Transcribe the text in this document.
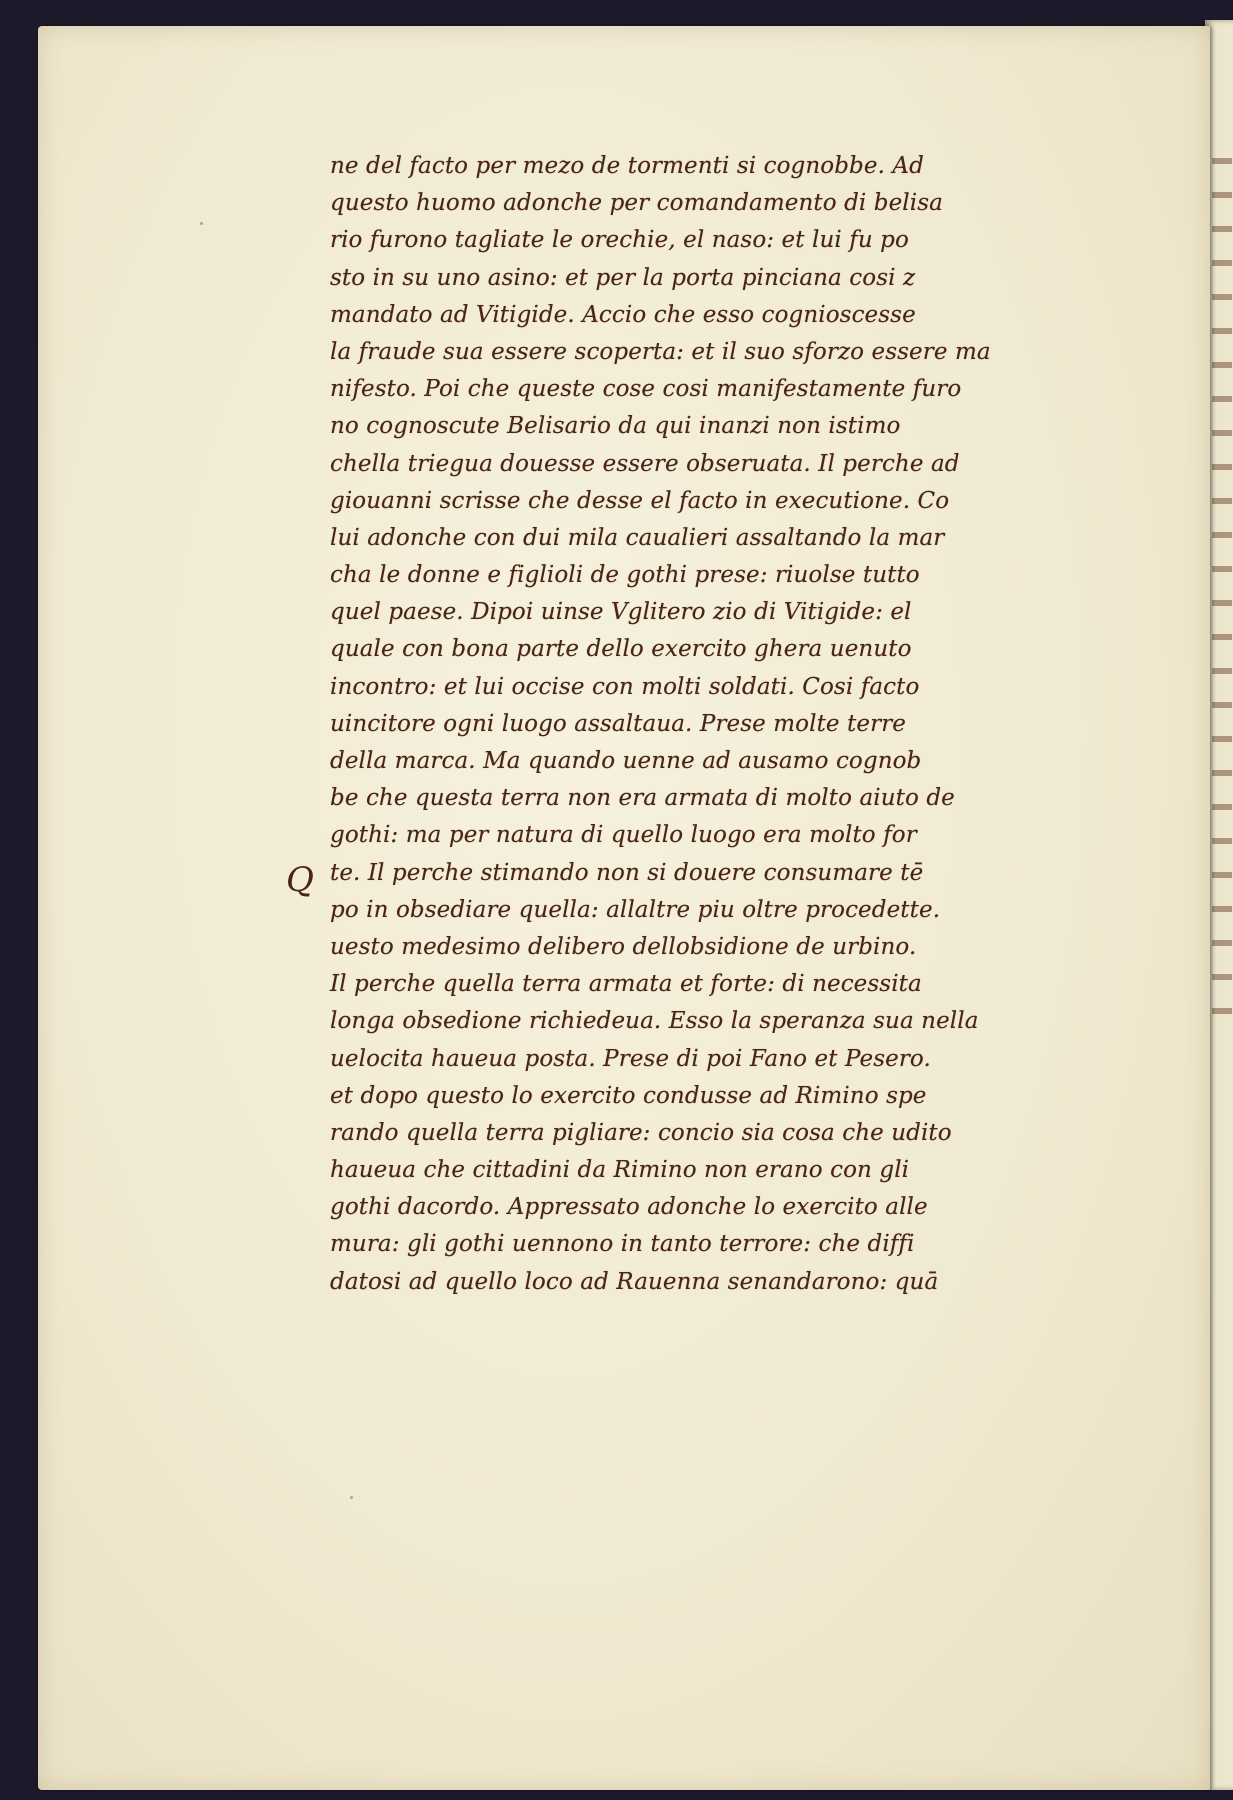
Q
ne del facto per mezo de tormenti si cognobbe. Ad
questo huomo adonche per comandamento di belisa
rio furono tagliate le orechie, el naso: et lui fu po
sto in su uno asino: et per la porta pinciana cosi z
mandato ad Vitigide. Accio che esso cognioscesse
la fraude sua essere scoperta: et il suo sforzo essere ma
nifesto. Poi che queste cose cosi manifestamente furo
no cognoscute Belisario da qui inanzi non istimo
chella triegua douesse essere obseruata. Il perche ad
giouanni scrisse che desse el facto in executione. Co
lui adonche con dui mila caualieri assaltando la mar
cha le donne e figlioli de gothi prese: riuolse tutto
quel paese. Dipoi uinse Vgliter⁠o zio di Vitigide: el
quale con bona parte dello exercito ghera uenuto
incontro: et lui occise con molti soldati. Cosi facto
uincitore ogni luogo assaltaua. Prese molte terre
della marca. Ma quando uenne ad ausamo cognob
be che questa terra non era armata di molto aiuto de
gothi: ma per natura di quello luogo era molto for
te. Il perche stimando non si douere consumare tē
po in obsediare quella: allaltre piu oltre procedette.
uesto medesimo delibero dellobsidione de urbino.
Il perche quella terra armata et forte: di necessita
longa obsedione richiedeua. Esso la speranza sua nella
uelocita haueua posta. Prese di poi Fano et Pesero.
et dopo questo lo exercito condusse ad Rimino spe
rando quella terra pigliare: concio sia cosa che udito
haueua che cittadini da Rimino non erano con gli
gothi dacordo. Appressato adonche lo exercito alle
mura: gli gothi uennono in tanto terrore: che diffi
datosi ad quello loco ad Rauenna senandarono: quā
